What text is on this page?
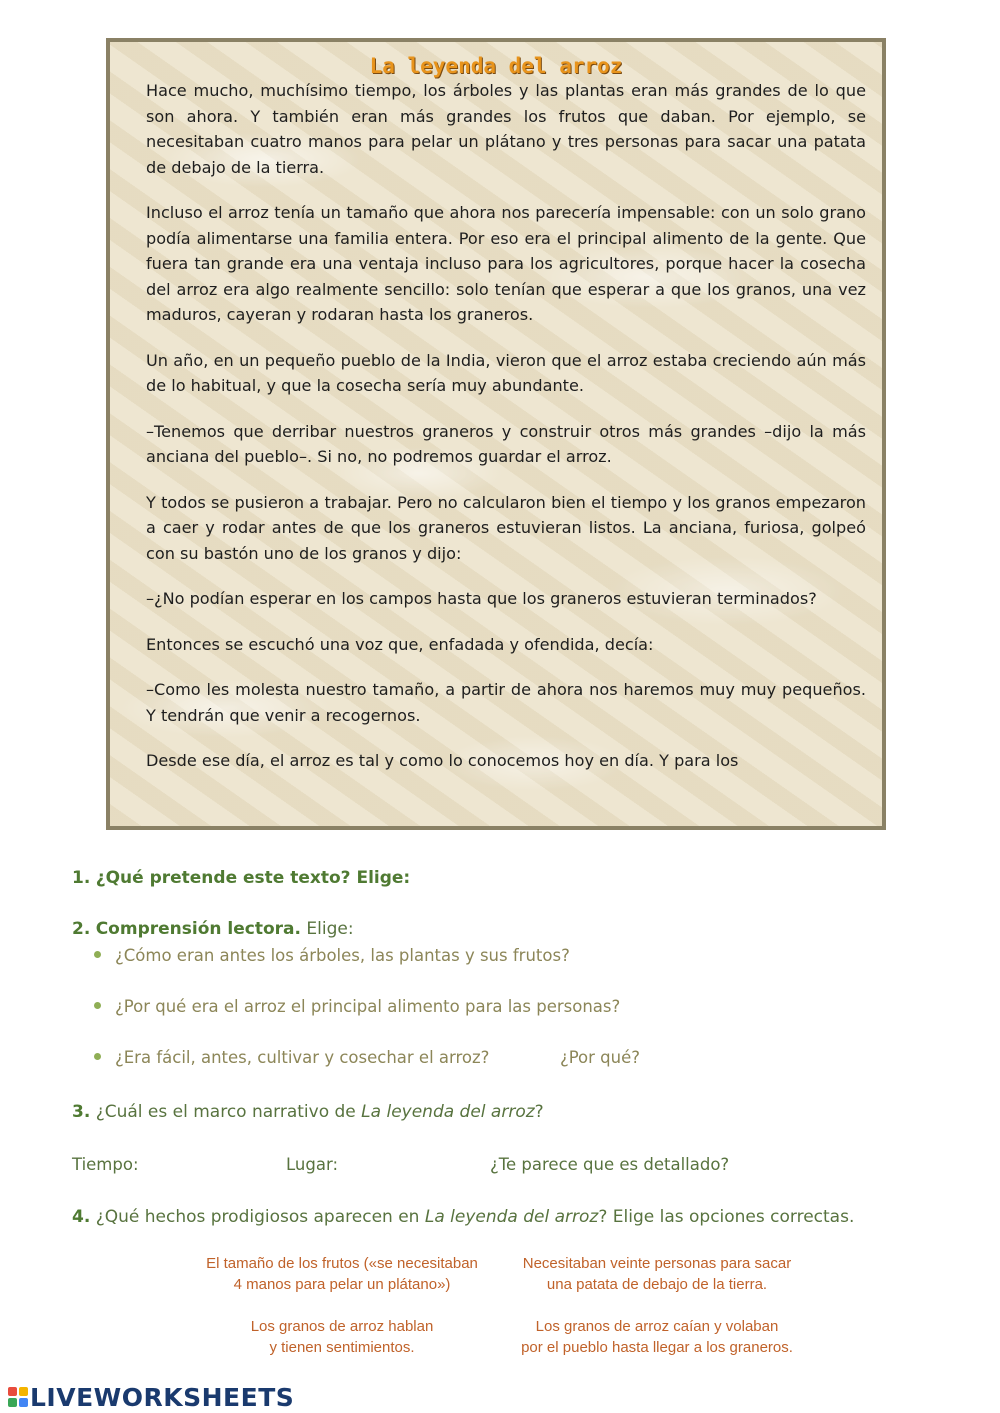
La leyenda del arroz

Hace mucho, muchísimo tiempo, los árboles y las plantas eran más grandes de lo que son ahora. Y también eran más grandes los frutos que daban. Por ejemplo, se necesitaban cuatro manos para pelar un plátano y tres personas para sacar una patata de debajo de la tierra.

Incluso el arroz tenía un tamaño que ahora nos parecería impensable: con un solo grano podía alimentarse una familia entera. Por eso era el principal alimento de la gente. Que fuera tan grande era una ventaja incluso para los agricultores, porque hacer la cosecha del arroz era algo realmente sencillo: solo tenían que esperar a que los granos, una vez maduros, cayeran y rodaran hasta los graneros.

Un año, en un pequeño pueblo de la India, vieron que el arroz estaba creciendo aún más de lo habitual, y que la cosecha sería muy abundante.

–Tenemos que derribar nuestros graneros y construir otros más grandes –dijo la más anciana del pueblo–. Si no, no podremos guardar el arroz.

Y todos se pusieron a trabajar. Pero no calcularon bien el tiempo y los granos empezaron a caer y rodar antes de que los graneros estuvieran listos. La anciana, furiosa, golpeó con su bastón uno de los granos y dijo:

–¿No podían esperar en los campos hasta que los graneros estuvieran terminados?

Entonces se escuchó una voz que, enfadada y ofendida, decía:

–Como les molesta nuestro tamaño, a partir de ahora nos haremos muy muy pequeños. Y tendrán que venir a recogernos.

Desde ese día, el arroz es tal y como lo conocemos hoy en día. Y para los

1. ¿Qué pretende este texto? Elige:
2. Comprensión lectora. Elige:
¿Cómo eran antes los árboles, las plantas y sus frutos?
¿Por qué era el arroz el principal alimento para las personas?
¿Era fácil, antes, cultivar y cosechar el arroz?	¿Por qué?
3. ¿Cuál es el marco narrativo de La leyenda del arroz?
Tiempo:	Lugar:	¿Te parece que es detallado?
4. ¿Qué hechos prodigiosos aparecen en La leyenda del arroz? Elige las opciones correctas.
El tamaño de los frutos («se necesitaban
4 manos para pelar un plátano»)
Necesitaban veinte personas para sacar
una patata de debajo de la tierra.
Los granos de arroz hablan
y tienen sentimientos.
Los granos de arroz caían y volaban
por el pueblo hasta llegar a los graneros.
LIVEWORKSHEETS
